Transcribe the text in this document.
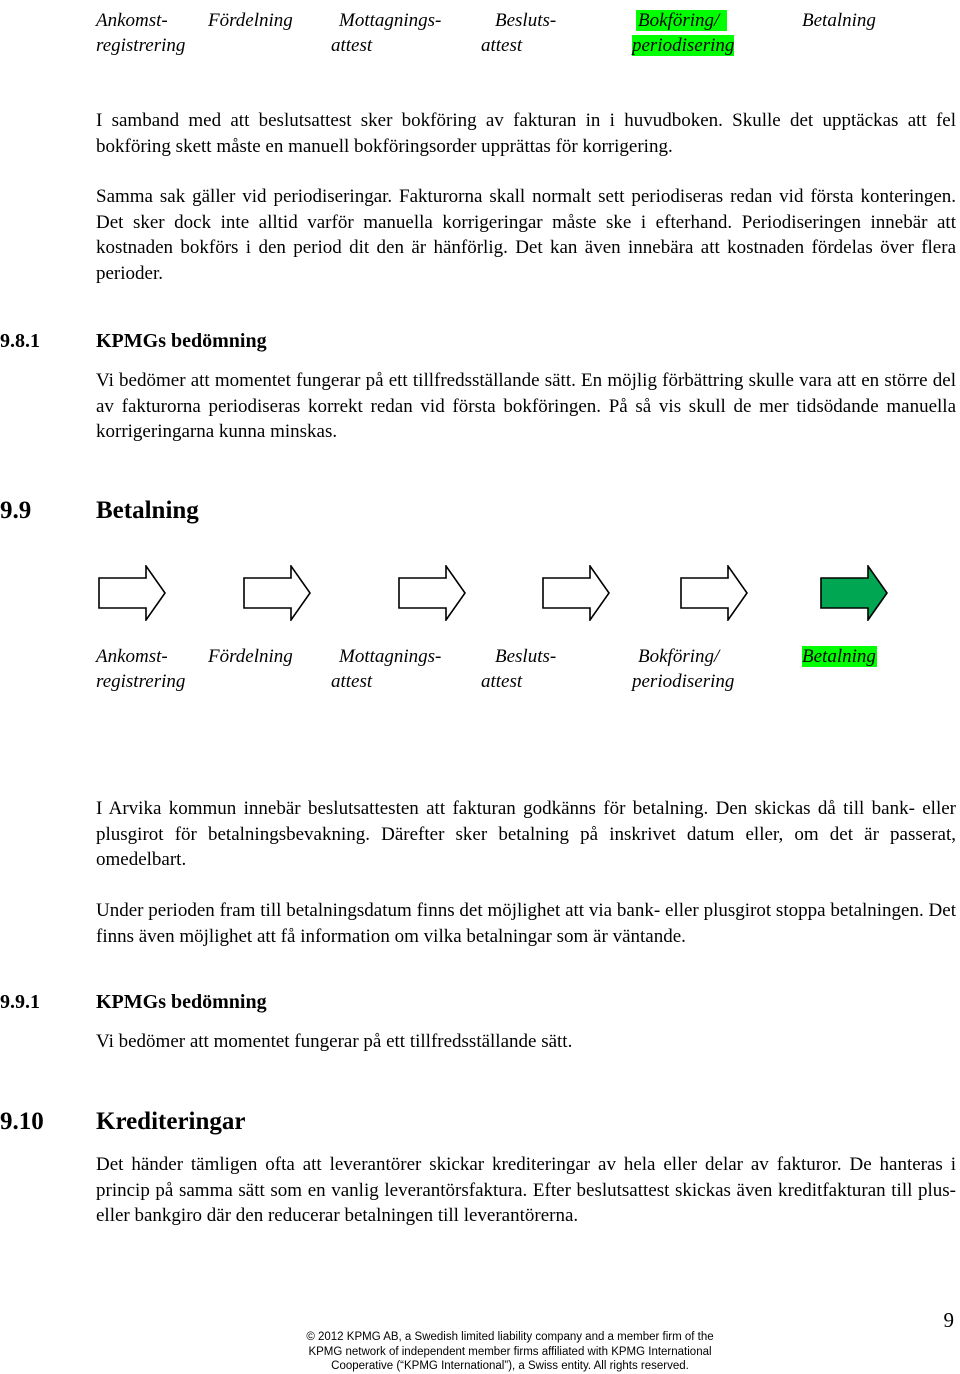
Ankomst-
registrering
Fördelning	Mottagnings-
attest
Besluts-
attest
Bokföring/
periodisering
Betalning

I samband med att beslutsattest sker bokföring av fakturan in i huvudboken. Skulle det upptäckas att fel bokföring skett måste en manuell bokföringsorder upprättas för korrigering.

Samma sak gäller vid periodiseringar. Fakturorna skall normalt sett periodiseras redan vid första konteringen. Det sker dock inte alltid varför manuella korrigeringar måste ske i efterhand. Periodiseringen innebär att kostnaden bokförs i den period dit den är hänförlig. Det kan även innebära att kostnaden fördelas över flera perioder.

9.8.1	KPMGs bedömning

Vi bedömer att momentet fungerar på ett tillfredsställande sätt. En möjlig förbättring skulle vara att en större del av fakturorna periodiseras korrekt redan vid första bokföringen. På så vis skull de mer tidsödande manuella korrigeringarna kunna minskas.

9.9	Betalning
Ankomst-
registrering
Fördelning	Mottagnings-
attest
Besluts-
attest
Bokföring/
periodisering
Betalning

I Arvika kommun innebär beslutsattesten att fakturan godkänns för betalning. Den skickas då till bank- eller plusgirot för betalningsbevakning. Därefter sker betalning på inskrivet datum eller, om det är passerat, omedelbart.

Under perioden fram till betalningsdatum finns det möjlighet att via bank- eller plusgirot stoppa betalningen. Det finns även möjlighet att få information om vilka betalningar som är väntande.

9.9.1	KPMGs bedömning

Vi bedömer att momentet fungerar på ett tillfredsställande sätt.

9.10 Krediteringar

Det händer tämligen ofta att leverantörer skickar krediteringar av hela eller delar av fakturor. De hanteras i princip på samma sätt som en vanlig leverantörsfaktura. Efter beslutsattest skickas även kreditfakturan till plus- eller bankgiro där den reducerar betalningen till leverantörerna.

© 2012 KPMG AB, a Swedish limited liability company and a member firm of the
KPMG network of independent member firms affiliated with KPMG International
Cooperative (“KPMG International”), a Swiss entity. All rights reserved.
9
